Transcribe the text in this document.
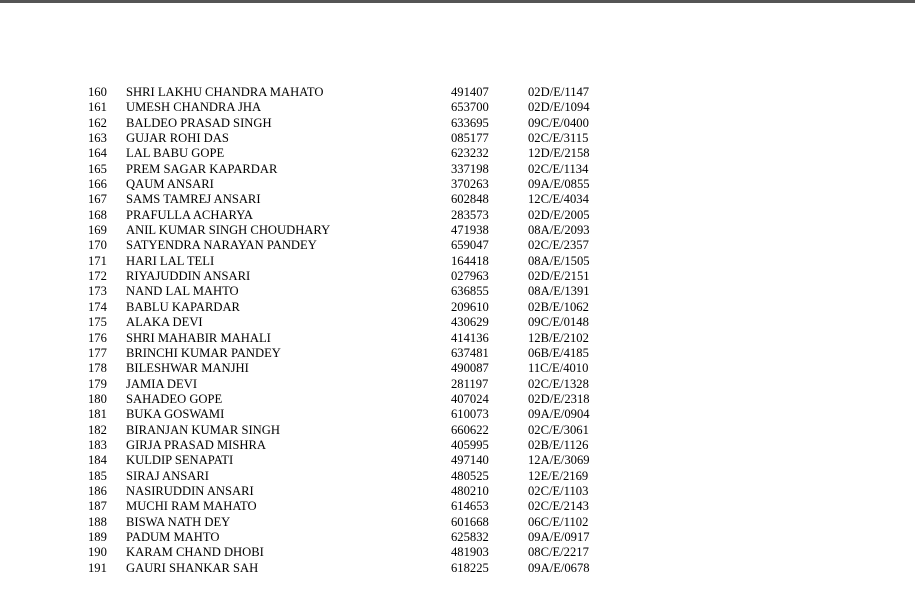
160 SHRI LAKHU CHANDRA MAHATO	491407	02D/E/1147
161 UMESH CHANDRA JHA	653700	02D/E/1094
162 BALDEO PRASAD SINGH	633695	09C/E/0400
163 GUJAR ROHI DAS	085177	02C/E/3115
164 LAL BABU GOPE	623232	12D/E/2158
165 PREM SAGAR KAPARDAR	337198	02C/E/1134
166 QAUM ANSARI	370263	09A/E/0855
167 SAMS TAMREJ ANSARI	602848	12C/E/4034
168 PRAFULLA ACHARYA	283573	02D/E/2005
169 ANIL KUMAR SINGH CHOUDHARY	471938	08A/E/2093
170 SATYENDRA NARAYAN PANDEY	659047	02C/E/2357
171 HARI LAL TELI	164418	08A/E/1505
172 RIYAJUDDIN ANSARI	027963	02D/E/2151
173 NAND LAL MAHTO	636855	08A/E/1391
174 BABLU KAPARDAR	209610	02B/E/1062
175 ALAKA DEVI	430629	09C/E/0148
176 SHRI MAHABIR MAHALI	414136	12B/E/2102
177 BRINCHI KUMAR PANDEY	637481	06B/E/4185
178 BILESHWAR MANJHI	490087	11C/E/4010
179 JAMIA DEVI	281197	02C/E/1328
180 SAHADEO GOPE	407024	02D/E/2318
181 BUKA GOSWAMI	610073	09A/E/0904
182 BIRANJAN KUMAR SINGH	660622	02C/E/3061
183 GIRJA PRASAD MISHRA	405995	02B/E/1126
184 KULDIP SENAPATI	497140	12A/E/3069
185 SIRAJ ANSARI	480525	12E/E/2169
186 NASIRUDDIN ANSARI	480210	02C/E/1103
187 MUCHI RAM MAHATO	614653	02C/E/2143
188 BISWA NATH DEY	601668	06C/E/1102
189 PADUM MAHTO	625832	09A/E/0917
190 KARAM CHAND DHOBI	481903	08C/E/2217
191 GAURI SHANKAR SAH	618225	09A/E/0678
